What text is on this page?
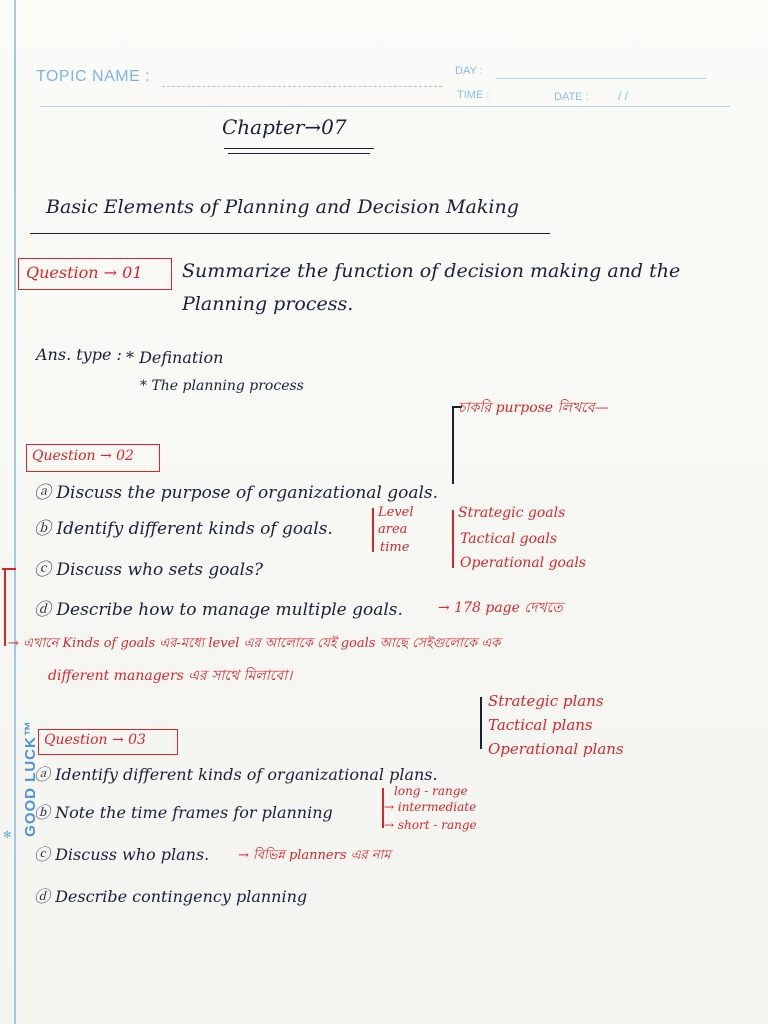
TOPIC NAME :	DAY :
TIME :	DATE : / /
GOOD LUCK™
✻
Chapter→07
Basic Elements of Planning and Decision Making
Question → 01 Summarize the function of decision making and the
Planning process.
Ans. type : * Defination
* The planning process
চাকরি purpose লিখবে—
Question → 02
ⓐ Discuss the purpose of organizational goals.
ⓑ Identify different kinds of goals.
ⓒ Discuss who sets goals?
ⓓ Describe how to manage multiple goals.
Level
area
time
Strategic goals
Tactical goals
Operational goals
→ 178 page দেখতে
→ এখানে Kinds of goals এর-মধ্যে level এর আলোকে যেই goals আছে সেইগুলোকে এক
different managers এর সাথে মিলাবো।
Strategic plans
Tactical plans
Operational plans
Question → 03
ⓐ Identify different kinds of organizational plans.
ⓑ Note the time frames for planning
long - range
→ intermediate
→ short - range
ⓒ Discuss who plans. → বিভিন্ন planners এর নাম
ⓓ Describe contingency planning
